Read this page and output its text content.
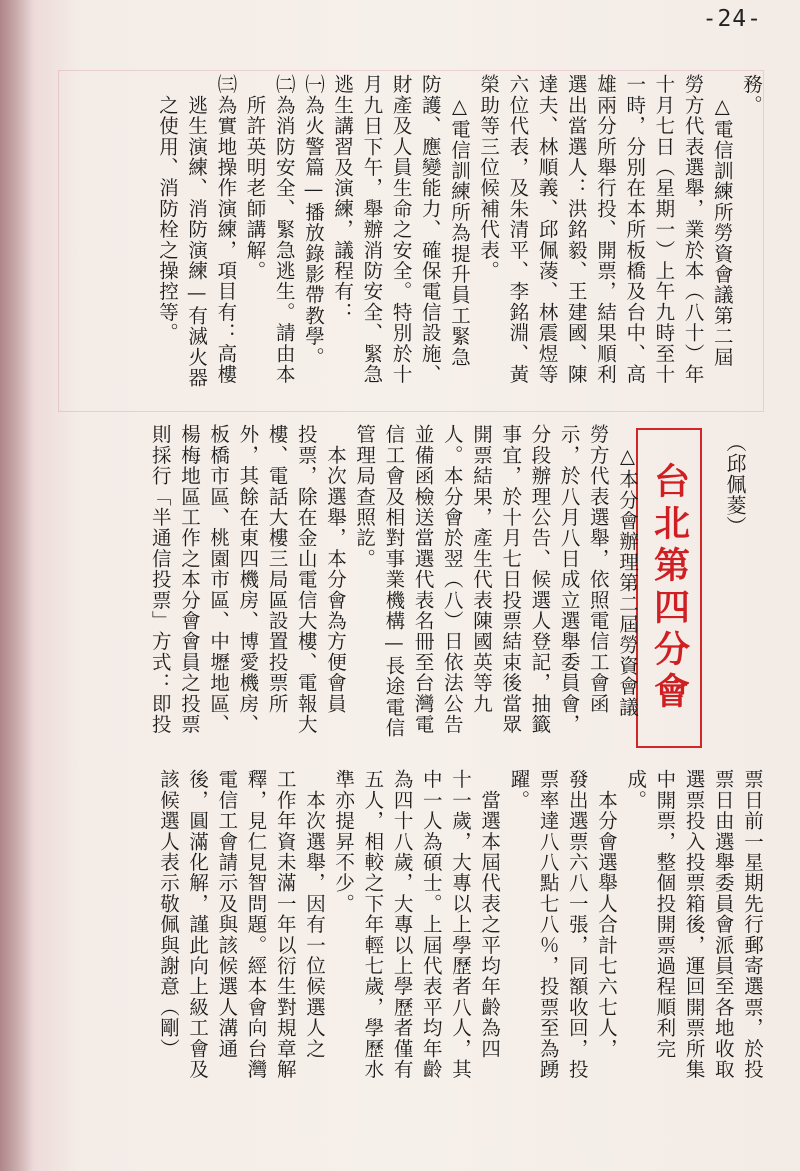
-24-
務。
　△電信訓練所勞資會議第二屆
勞方代表選舉，業於本（八十）年
十月七日（星期一）上午九時至十
一時，分別在本所板橋及台中、高
雄兩分所舉行投、開票，結果順利
選出當選人：洪銘毅、王建國、陳
達夫、林順義、邱佩蓤、林震煜等
六位代表，及朱清平、李銘淵、黃
榮助等三位候補代表。
　△電信訓練所為提升員工緊急
防護、應變能力、確保電信設施、
財產及人員生命之安全。特別於十
月九日下午，舉辦消防安全、緊急
逃生講習及演練，議程有：
㈠為火警篇—播放錄影帶教學。
㈡為消防安全、緊急逃生。請由本
　所許英明老師講解。
㈢為實地操作演練，項目有：高樓
　逃生演練、消防演練—有滅火器
　之使用、消防栓之操控等。
（邱佩菱）
台北第四分會
　△本分會辦理第二屆勞資會議
勞方代表選舉，依照電信工會函
示，於八月八日成立選舉委員會，
分段辦理公告、候選人登記，抽籤
事宜，於十月七日投票結束後當眾
開票結果，產生代表陳國英等九
人。本分會於翌（八）日依法公告
並備函檢送當選代表名冊至台灣電
信工會及相對事業機構—長途電信
管理局查照訖。
　本次選舉，本分會為方便會員
投票，除在金山電信大樓、電報大
樓、電話大樓三局區設置投票所
外，其餘在東四機房、博愛機房、
板橋市區、桃園市區、中壢地區、
楊梅地區工作之本分會會員之投票
則採行「半通信投票」方式：即投
票日前一星期先行郵寄選票，於投
票日由選舉委員會派員至各地收取
選票投入投票箱後，運回開票所集
中開票，整個投開票過程順利完
成。
　本分會選舉人合計七六七人，
發出選票六八一張，同額收回，投
票率達八八點七八％，投票至為踴
躍。
　當選本屆代表之平均年齡為四
十一歲，大專以上學歷者八人，其
中一人為碩士。上屆代表平均年齡
為四十八歲，大專以上學歷者僅有
五人，相較之下年輕七歲，學歷水
準亦提昇不少。
　本次選舉，因有一位候選人之
工作年資未滿一年以衍生對規章解
釋，見仁見智問題。經本會向台灣
電信工會請示及與該候選人溝通
後，圓滿化解，謹此向上級工會及
該候選人表示敬佩與謝意（剛）
